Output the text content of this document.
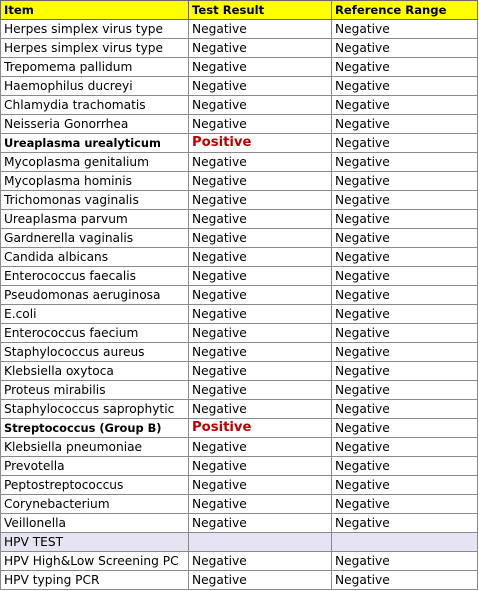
Item	Test Result	Reference Range
Herpes simplex virus type	Negative	Negative
Herpes simplex virus type	Negative	Negative
Trepomema pallidum	Negative	Negative
Haemophilus ducreyi	Negative	Negative
Chlamydia trachomatis	Negative	Negative
Neisseria Gonorrhea	Negative	Negative
Ureaplasma urealyticum	Positive	Negative
Mycoplasma genitalium	Negative	Negative
Mycoplasma hominis	Negative	Negative
Trichomonas vaginalis	Negative	Negative
Ureaplasma parvum	Negative	Negative
Gardnerella vaginalis	Negative	Negative
Candida albicans	Negative	Negative
Enterococcus faecalis	Negative	Negative
Pseudomonas aeruginosa	Negative	Negative
E.coli	Negative	Negative
Enterococcus faecium	Negative	Negative
Staphylococcus aureus	Negative	Negative
Klebsiella oxytoca	Negative	Negative
Proteus mirabilis	Negative	Negative
Staphylococcus saprophytic	Negative	Negative
Streptococcus (Group B)	Positive	Negative
Klebsiella pneumoniae	Negative	Negative
Prevotella	Negative	Negative
Peptostreptococcus	Negative	Negative
Corynebacterium	Negative	Negative
Veillonella	Negative	Negative
HPV TEST		
HPV High&Low Screening PC	Negative	Negative
HPV typing PCR	Negative	Negative
